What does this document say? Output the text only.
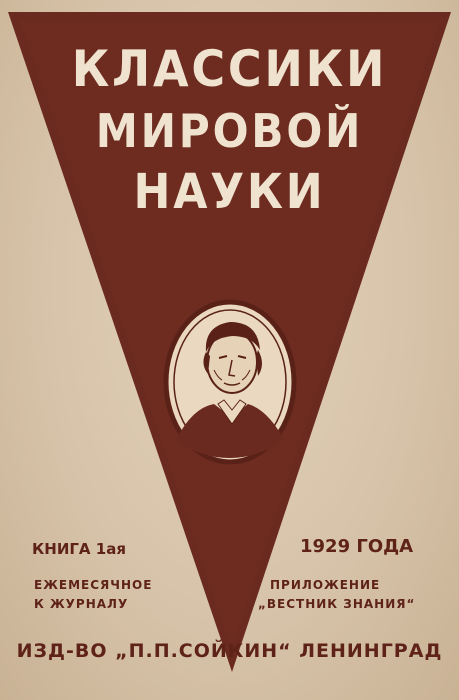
КЛАССИКИ
МИРОВОЙ
НАУКИ
КНИГА 1ая	1929 ГОДА
ЕЖЕМЕСЯЧНОЕ
К ЖУРНАЛУ
ПРИЛОЖЕНИЕ
„ВЕСТНИК ЗНАНИЯ“
ИЗД-ВО „П.П.СОЙКИН“ ЛЕНИНГРАД
